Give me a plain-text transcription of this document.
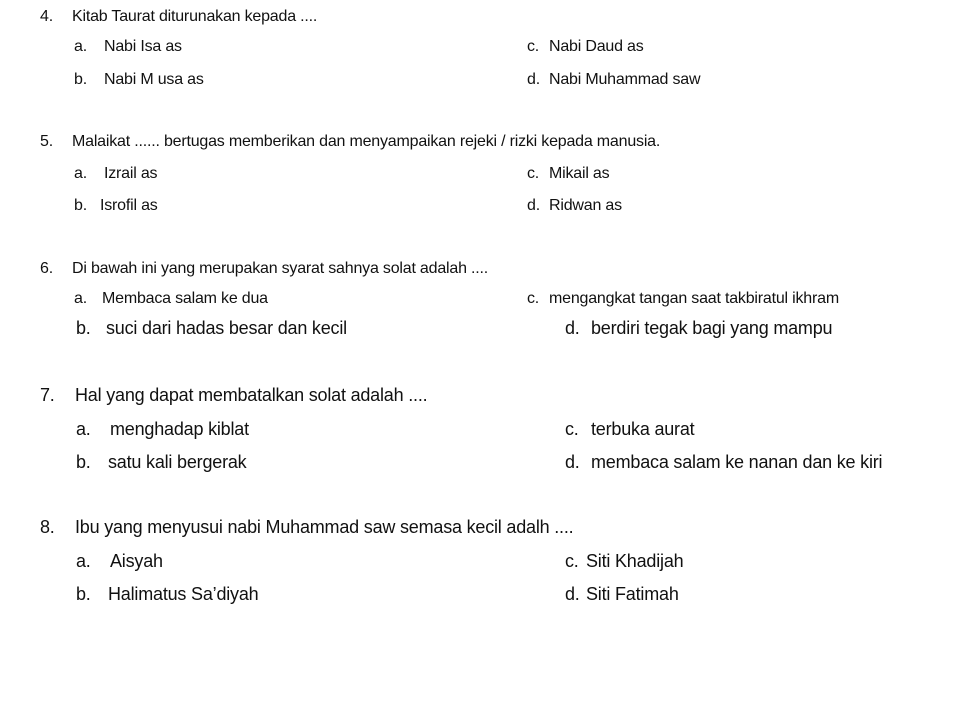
4. Kitab Taurat diturunakan kepada ....
a. Nabi Isa as
b. Nabi M usa as
c. Nabi Daud as
d. Nabi Muhammad saw
5. Malaikat ...... bertugas memberikan dan menyampaikan rejeki / rizki kepada manusia.
a. Izrail as
b. Isrofil as
c. Mikail as
d. Ridwan as
6. Di bawah ini yang merupakan syarat sahnya solat adalah ....
a. Membaca salam ke dua
b. suci dari hadas besar dan kecil
c. mengangkat tangan saat takbiratul ikhram
d. berdiri tegak bagi yang mampu
7. Hal yang dapat membatalkan solat adalah ....
a. menghadap kiblat
b. satu kali bergerak
c. terbuka aurat
d. membaca salam ke nanan dan ke kiri
8. Ibu yang menyusui nabi Muhammad saw semasa kecil adalh ....
a. Aisyah
b. Halimatus Sa’diyah
c. Siti Khadijah
d. Siti Fatimah
